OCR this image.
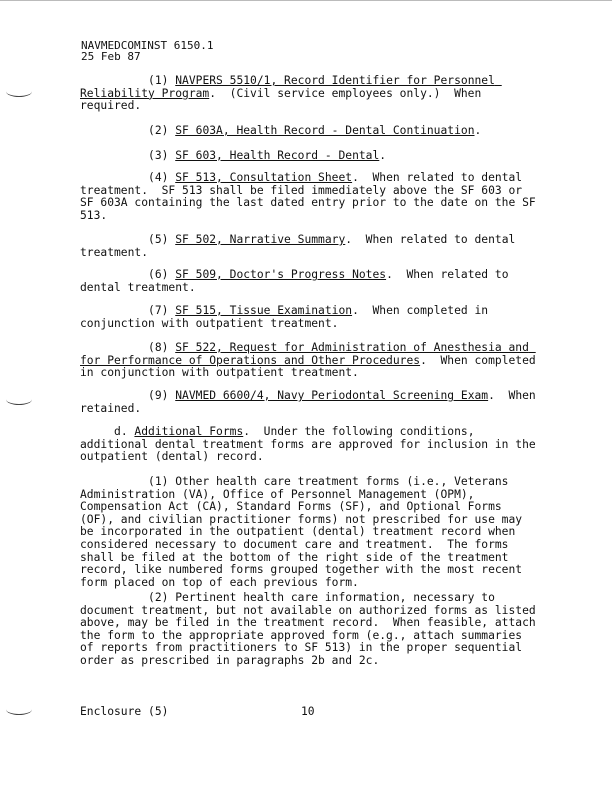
NAVMEDCOMINST 6150.1
25 Feb 87
(1) NAVPERS 5510/1, Record Identifier for Personnel Reliability Program.  (Civil service employees only.)  When required.
(2) SF 603A, Health Record - Dental Continuation.
(3) SF 603, Health Record - Dental.
(4) SF 513, Consultation Sheet.  When related to dental treatment.  SF 513 shall be filed immediately above the SF 603 or SF 603A containing the last dated entry prior to the date on the SF 513.
(5) SF 502, Narrative Summary.  When related to dental treatment.
(6) SF 509, Doctor's Progress Notes.  When related to dental treatment.
(7) SF 515, Tissue Examination.  When completed in conjunction with outpatient treatment.
(8) SF 522, Request for Administration of Anesthesia and for Performance of Operations and Other Procedures.  When completed in conjunction with outpatient treatment.
(9) NAVMED 6600/4, Navy Periodontal Screening Exam.  When retained.
d. Additional Forms.  Under the following conditions, additional dental treatment forms are approved for inclusion in the outpatient (dental) record.
(1) Other health care treatment forms (i.e., Veterans Administration (VA), Office of Personnel Management (OPM), Compensation Act (CA), Standard Forms (SF), and Optional Forms (OF), and civilian practitioner forms) not prescribed for use may be incorporated in the outpatient (dental) treatment record when considered necessary to document care and treatment.  The forms shall be filed at the bottom of the right side of the treatment record, like numbered forms grouped together with the most recent form placed on top of each previous form.
(2) Pertinent health care information, necessary to document treatment, but not available on authorized forms as listed above, may be filed in the treatment record.  When feasible, attach the form to the appropriate approved form (e.g., attach summaries of reports from practitioners to SF 513) in the proper sequential order as prescribed in paragraphs 2b and 2c.
Enclosure (5)	10
